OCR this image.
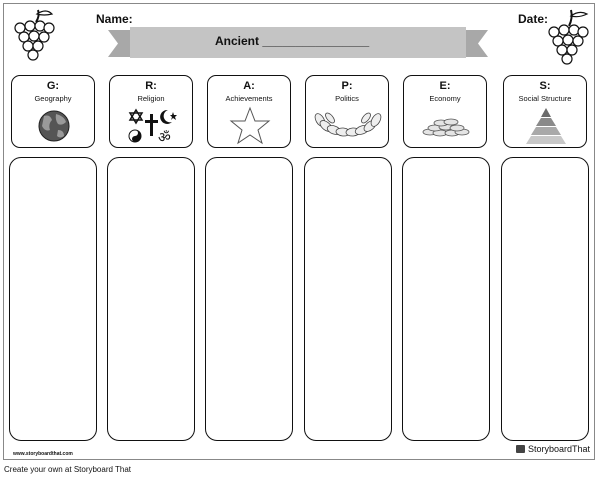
Name:	Date:
Ancient ________________
G:
Geography
R:
Religion
ॐ
A:
Achievements
P:
Politics
E:
Economy
S:
Social Structure
www.storyboardthat.com	StoryboardThat
Create your own at Storyboard That
